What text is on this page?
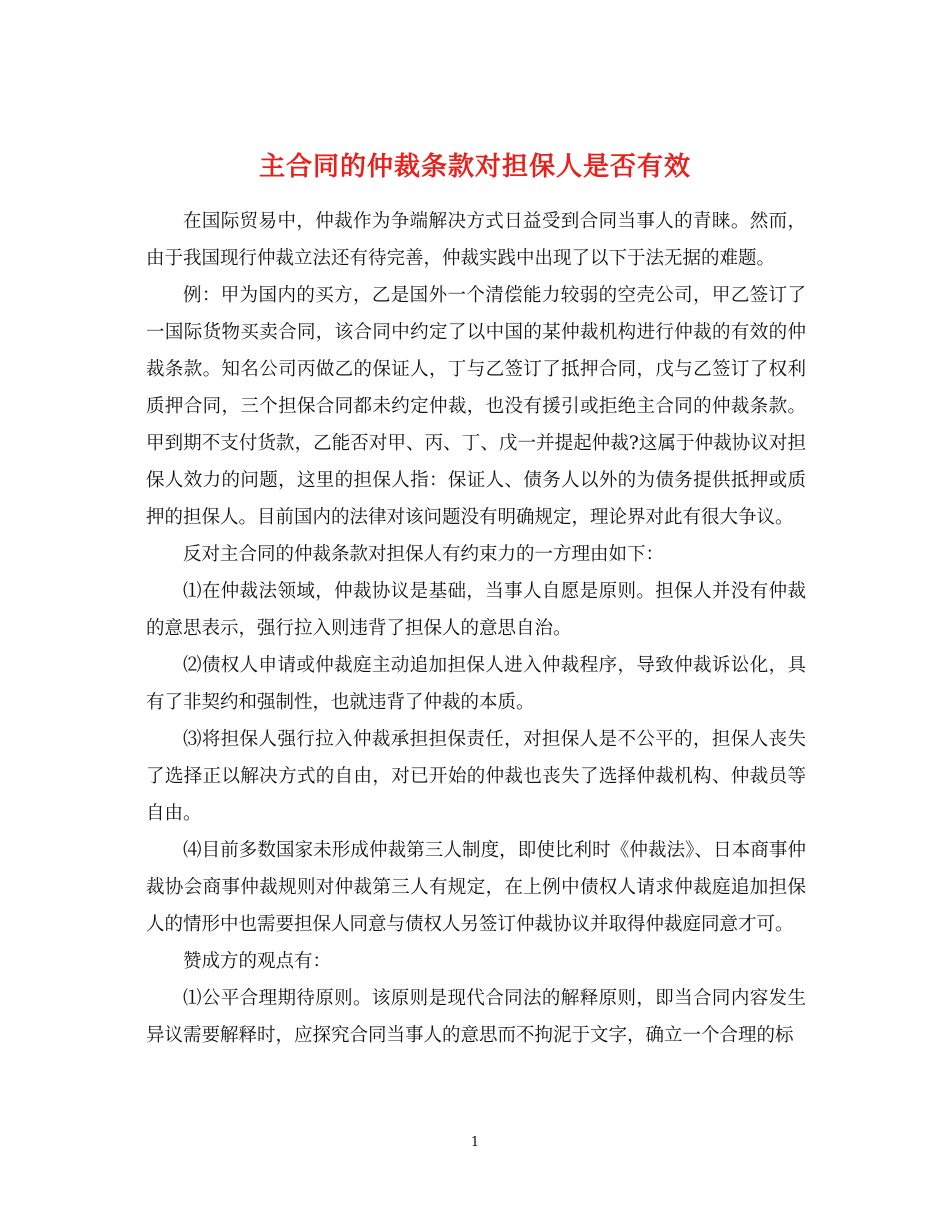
主合同的仲裁条款对担保人是否有效

在国际贸易中，仲裁作为争端解决方式日益受到合同当事人的青睐。然而，由于我国现行仲裁立法还有待完善，仲裁实践中出现了以下于法无据的难题。

例：甲为国内的买方，乙是国外一个清偿能力较弱的空壳公司，甲乙签订了一国际货物买卖合同，该合同中约定了以中国的某仲裁机构进行仲裁的有效的仲裁条款。知名公司丙做乙的保证人，丁与乙签订了抵押合同，戊与乙签订了权利质押合同，三个担保合同都未约定仲裁，也没有援引或拒绝主合同的仲裁条款。甲到期不支付货款，乙能否对甲、丙、丁、戊一并提起仲裁?这属于仲裁协议对担保人效力的问题，这里的担保人指：保证人、债务人以外的为债务提供抵押或质押的担保人。目前国内的法律对该问题没有明确规定，理论界对此有很大争议。

反对主合同的仲裁条款对担保人有约束力的一方理由如下：

⑴在仲裁法领域，仲裁协议是基础，当事人自愿是原则。担保人并没有仲裁的意思表示，强行拉入则违背了担保人的意思自治。

⑵债权人申请或仲裁庭主动追加担保人进入仲裁程序，导致仲裁诉讼化，具有了非契约和强制性，也就违背了仲裁的本质。

⑶将担保人强行拉入仲裁承担担保责任，对担保人是不公平的，担保人丧失了选择正以解决方式的自由，对已开始的仲裁也丧失了选择仲裁机构、仲裁员等自由。

⑷目前多数国家未形成仲裁第三人制度，即使比利时《仲裁法》、日本商事仲裁协会商事仲裁规则对仲裁第三人有规定，在上例中债权人请求仲裁庭追加担保人的情形中也需要担保人同意与债权人另签订仲裁协议并取得仲裁庭同意才可。

赞成方的观点有：

⑴公平合理期待原则。该原则是现代合同法的解释原则，即当合同内容发生异议需要解释时，应探究合同当事人的意思而不拘泥于文字，确立一个合理的标

1
